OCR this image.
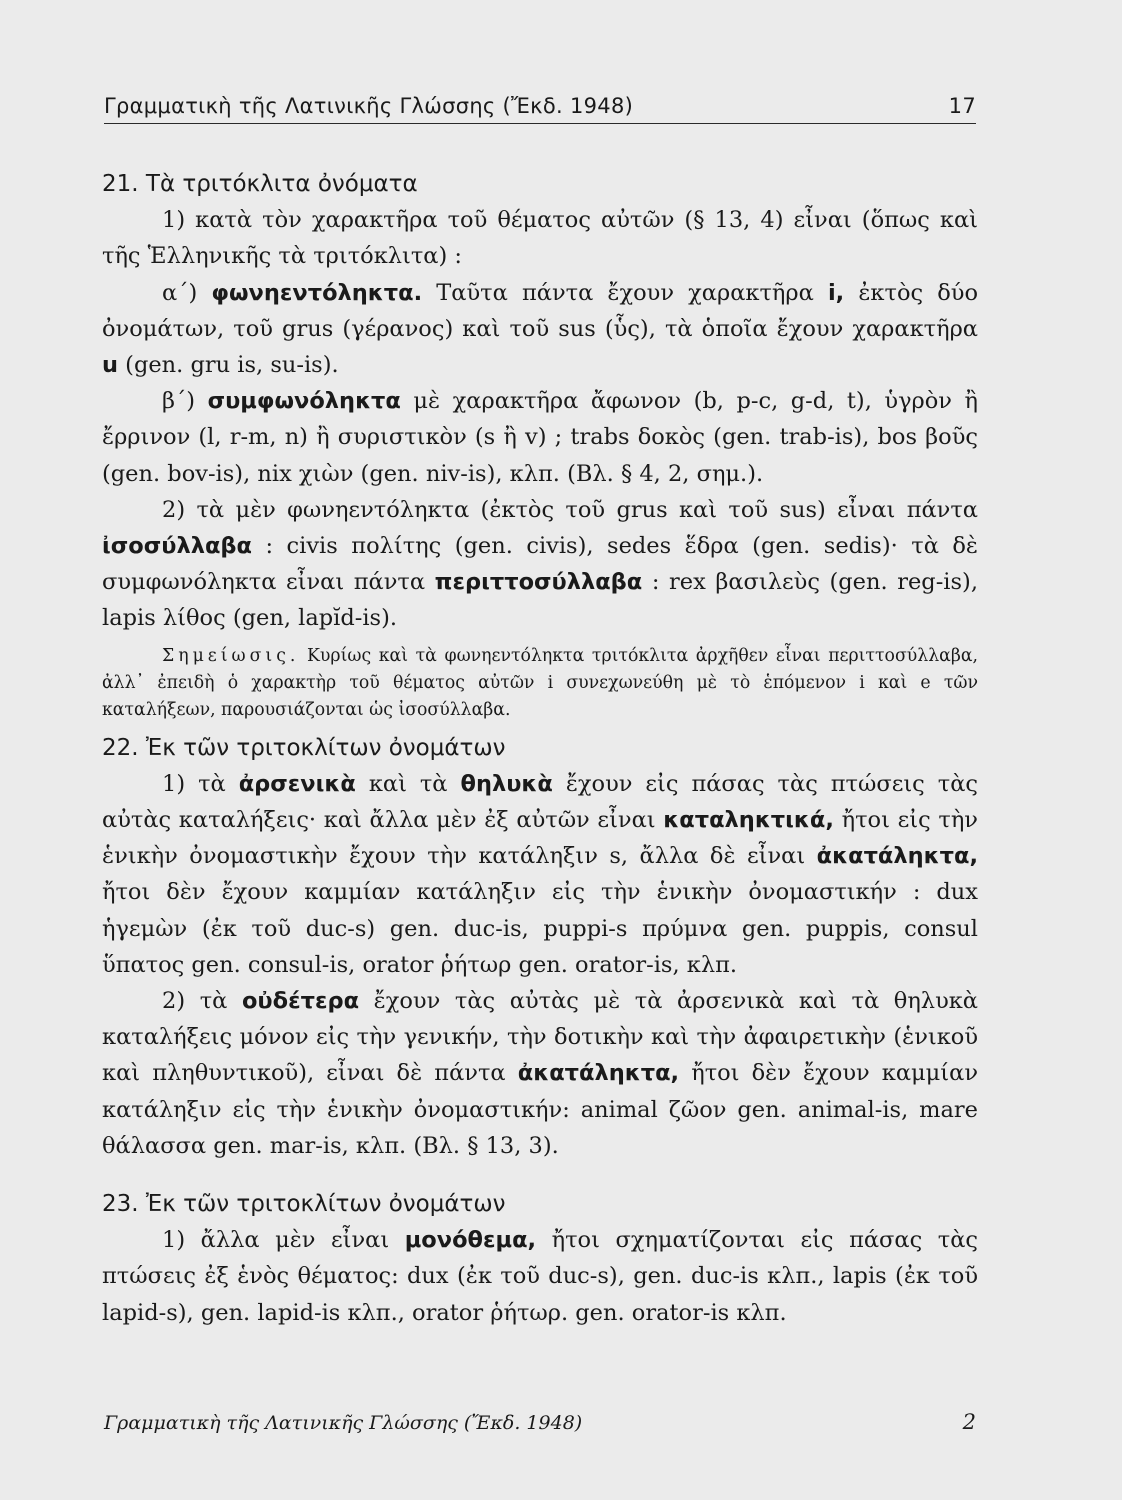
Γραμματικὴ τῆς Λατινικῆς Γλώσσης (Ἔκδ. 1948)	17

21. Τὰ τριτόκλιτα ὀνόματα

1) κατὰ τὸν χαρακτῆρα τοῦ θέματος αὐτῶν (§ 13, 4) εἶναι (ὅπως καὶ τῆς Ἑλληνικῆς τὰ τριτόκλιτα) :

α΄) φωνηεντόληκτα. Ταῦτα πάντα ἔχουν χαρακτῆρα i, ἐκτὸς δύο ὀνομάτων, τοῦ grus (γέρανος) καὶ τοῦ sus (ὗς), τὰ ὁποῖα ἔχουν χαρακτῆρα u (gen. gru is, su-is).

β΄) συμφωνόληκτα μὲ χαρακτῆρα ἄφωνον (b, p-c, g-d, t), ὑγρὸν ἢ ἔρρινον (l, r-m, n) ἢ συριστικὸν (s ἢ v) ; trabs δοκὸς (gen. trab-is), bos βοῦς (gen. bov-is), nix χιὼν (gen. niv-is), κλπ. (Βλ. § 4, 2, σημ.).

2) τὰ μὲν φωνηεντόληκτα (ἐκτὸς τοῦ grus καὶ τοῦ sus) εἶναι πάντα ἰσοσύλλαβα : civis πολίτης (gen. civis), sedes ἕδρα (gen. sedis)· τὰ δὲ συμφωνόληκτα εἶναι πάντα περιττοσύλλαβα : rex βασιλεὺς (gen. reg-is), lapis λίθος (gen, lapĭd-is).

Σημείωσις. Κυρίως καὶ τὰ φωνηεντόληκτα τριτόκλιτα ἀρχῆθεν εἶναι περιττοσύλλαβα, ἀλλ᾽ ἐπειδὴ ὁ χαρακτὴρ τοῦ θέματος αὐτῶν i συνεχωνεύθη μὲ τὸ ἑπόμενον i καὶ e τῶν καταλήξεων, παρουσιάζονται ὡς ἰσοσύλλαβα.

22. Ἐκ τῶν τριτοκλίτων ὀνομάτων

1) τὰ ἀρσενικὰ καὶ τὰ θηλυκὰ ἔχουν εἰς πάσας τὰς πτώσεις τὰς αὐτὰς καταλήξεις· καὶ ἄλλα μὲν ἐξ αὐτῶν εἶναι καταληκτικά, ἤτοι εἰς τὴν ἑνικὴν ὀνομαστικὴν ἔχουν τὴν κατάληξιν s, ἄλλα δὲ εἶναι ἀκατάληκτα, ἤτοι δὲν ἔχουν καμμίαν κατάληξιν εἰς τὴν ἑνικὴν ὀνομαστικήν : dux ἡγεμὼν (ἐκ τοῦ duc-s) gen. duc-is, puppi-s πρύμνα gen. puppis, consul ὕπατος gen. consul-is, orator ῥήτωρ gen. orator-is, κλπ.

2) τὰ οὐδέτερα ἔχουν τὰς αὐτὰς μὲ τὰ ἀρσενικὰ καὶ τὰ θηλυκὰ καταλήξεις μόνον εἰς τὴν γενικήν, τὴν δοτικὴν καὶ τὴν ἀφαιρετικὴν (ἑνικοῦ καὶ πληθυντικοῦ), εἶναι δὲ πάντα ἀκατάληκτα, ἤτοι δὲν ἔχουν καμμίαν κατάληξιν εἰς τὴν ἑνικὴν ὀνομαστικήν: animal ζῶον gen. animal-is, mare θάλασσα gen. mar-is, κλπ. (Βλ. § 13, 3).

23. Ἐκ τῶν τριτοκλίτων ὀνομάτων

1) ἄλλα μὲν εἶναι μονόθεμα, ἤτοι σχηματίζονται εἰς πάσας τὰς πτώσεις ἐξ ἑνὸς θέματος: dux (ἐκ τοῦ duc-s), gen. duc-is κλπ., lapis (ἐκ τοῦ lapid-s), gen. lapid-is κλπ., orator ῥήτωρ. gen. orator-is κλπ.

Γραμματικὴ τῆς Λατινικῆς Γλώσσης (Ἔκδ. 1948)	2
